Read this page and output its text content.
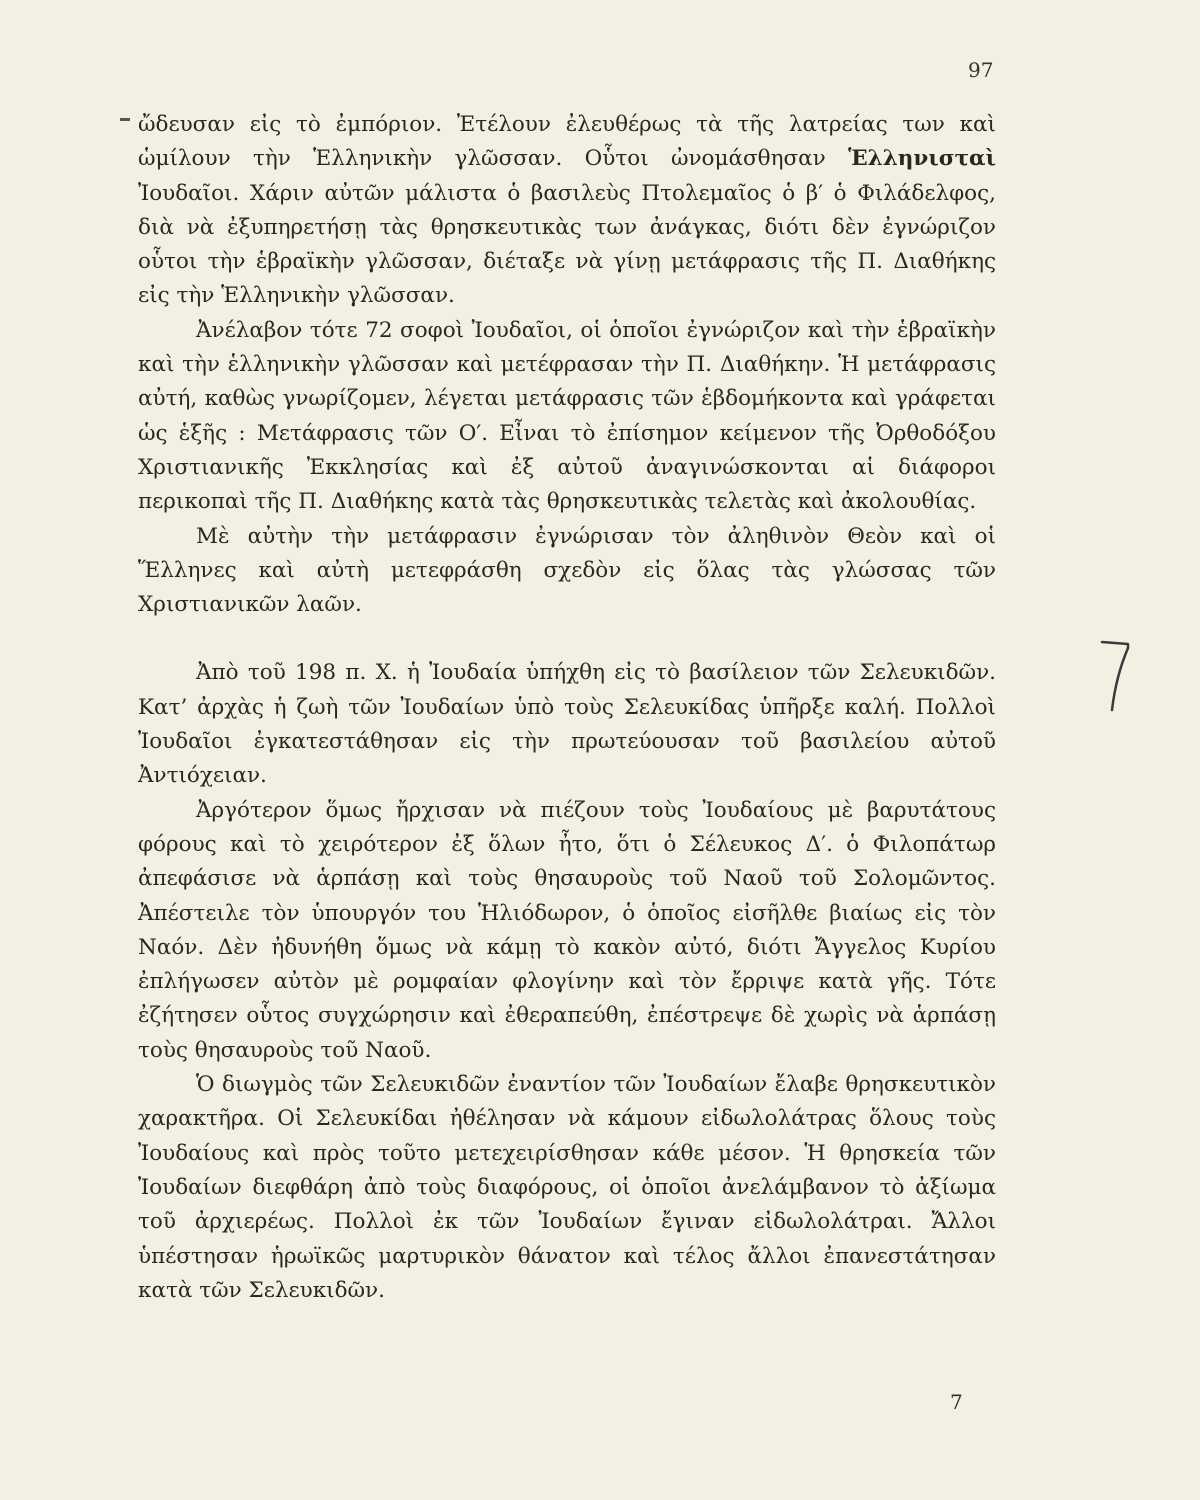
97

ὤδευσαν εἰς τὸ ἐμπόριον. Ἐτέλουν ἐλευθέρως τὰ τῆς λατρείας των καὶ ὡμίλουν τὴν Ἑλληνικὴν γλῶσσαν. Οὗτοι ὠνομάσθησαν Ἑλληνισταὶ Ἰουδαῖοι. Χάριν αὐτῶν μάλιστα ὁ βασιλεὺς Πτολεμαῖος ὁ β′ ὁ Φιλάδελφος, διὰ νὰ ἐξυπηρετήσῃ τὰς θρησκευτικὰς των ἀνάγκας, διότι δὲν ἐγνώριζον οὗτοι τὴν ἑβραϊκὴν γλῶσσαν, διέταξε νὰ γίνῃ μετάφρασις τῆς Π. Διαθήκης εἰς τὴν Ἑλληνικὴν γλῶσσαν.

Ἀνέλαβον τότε 72 σοφοὶ Ἰουδαῖοι, οἱ ὁποῖοι ἐγνώριζον καὶ τὴν ἑβραϊκὴν καὶ τὴν ἑλληνικὴν γλῶσσαν καὶ μετέφρασαν τὴν Π. Διαθήκην. Ἡ μετάφρασις αὐτή, καθὼς γνωρίζομεν, λέγεται μετάφρασις τῶν ἑβδομήκοντα καὶ γράφεται ὡς ἑξῆς : Μετάφρασις τῶν Ο′. Εἶναι τὸ ἐπίσημον κείμενον τῆς Ὀρθοδόξου Χριστιανικῆς Ἐκκλησίας καὶ ἐξ αὐτοῦ ἀναγινώσκονται αἱ διάφοροι περικοπαὶ τῆς Π. Διαθήκης κατὰ τὰς θρησκευτικὰς τελετὰς καὶ ἀκολουθίας.

Μὲ αὐτὴν τὴν μετάφρασιν ἐγνώρισαν τὸν ἀληθινὸν Θεὸν καὶ οἱ Ἕλληνες καὶ αὐτὴ μετεφράσθη σχεδὸν εἰς ὅλας τὰς γλώσσας τῶν Χριστιανικῶν λαῶν.

Ἀπὸ τοῦ 198 π. Χ. ἡ Ἰουδαία ὑπήχθη εἰς τὸ βασίλειον τῶν Σελευκιδῶν. Κατ’ ἀρχὰς ἡ ζωὴ τῶν Ἰουδαίων ὑπὸ τοὺς Σελευκίδας ὑπῆρξε καλή. Πολλοὶ Ἰουδαῖοι ἐγκατεστάθησαν εἰς τὴν πρωτεύουσαν τοῦ βασιλείου αὐτοῦ Ἀντιόχειαν.

Ἀργότερον ὅμως ἤρχισαν νὰ πιέζουν τοὺς Ἰουδαίους μὲ βαρυτάτους φόρους καὶ τὸ χειρότερον ἐξ ὅλων ἦτο, ὅτι ὁ Σέλευκος Δ′. ὁ Φιλοπάτωρ ἀπεφάσισε νὰ ἁρπάσῃ καὶ τοὺς θησαυροὺς τοῦ Ναοῦ τοῦ Σολομῶντος. Ἀπέστειλε τὸν ὑπουργόν του Ἡλιόδωρον, ὁ ὁποῖος εἰσῆλθε βιαίως εἰς τὸν Ναόν. Δὲν ἠδυνήθη ὅμως νὰ κάμῃ τὸ κακὸν αὐτό, διότι Ἄγγελος Κυρίου ἐπλήγωσεν αὐτὸν μὲ ρομφαίαν φλογίνην καὶ τὸν ἔρριψε κατὰ γῆς. Τότε ἐζήτησεν οὗτος συγχώρησιν καὶ ἐθεραπεύθη, ἐπέστρεψε δὲ χωρὶς νὰ ἁρπάσῃ τοὺς θησαυροὺς τοῦ Ναοῦ.

Ὁ διωγμὸς τῶν Σελευκιδῶν ἐναντίον τῶν Ἰουδαίων ἔλαβε θρησκευτικὸν χαρακτῆρα. Οἱ Σελευκίδαι ἠθέλησαν νὰ κάμουν εἰδωλολάτρας ὅλους τοὺς Ἰουδαίους καὶ πρὸς τοῦτο μετεχειρίσθησαν κάθε μέσον. Ἡ θρησκεία τῶν Ἰουδαίων διεφθάρη ἀπὸ τοὺς διαφόρους, οἱ ὁποῖοι ἀνελάμβανον τὸ ἀξίωμα τοῦ ἀρχιερέως. Πολλοὶ ἐκ τῶν Ἰουδαίων ἔγιναν εἰδωλολάτραι. Ἄλλοι ὑπέστησαν ἡρωϊκῶς μαρτυρικὸν θάνατον καὶ τέλος ἄλλοι ἐπανεστάτησαν κατὰ τῶν Σελευκιδῶν.

7
